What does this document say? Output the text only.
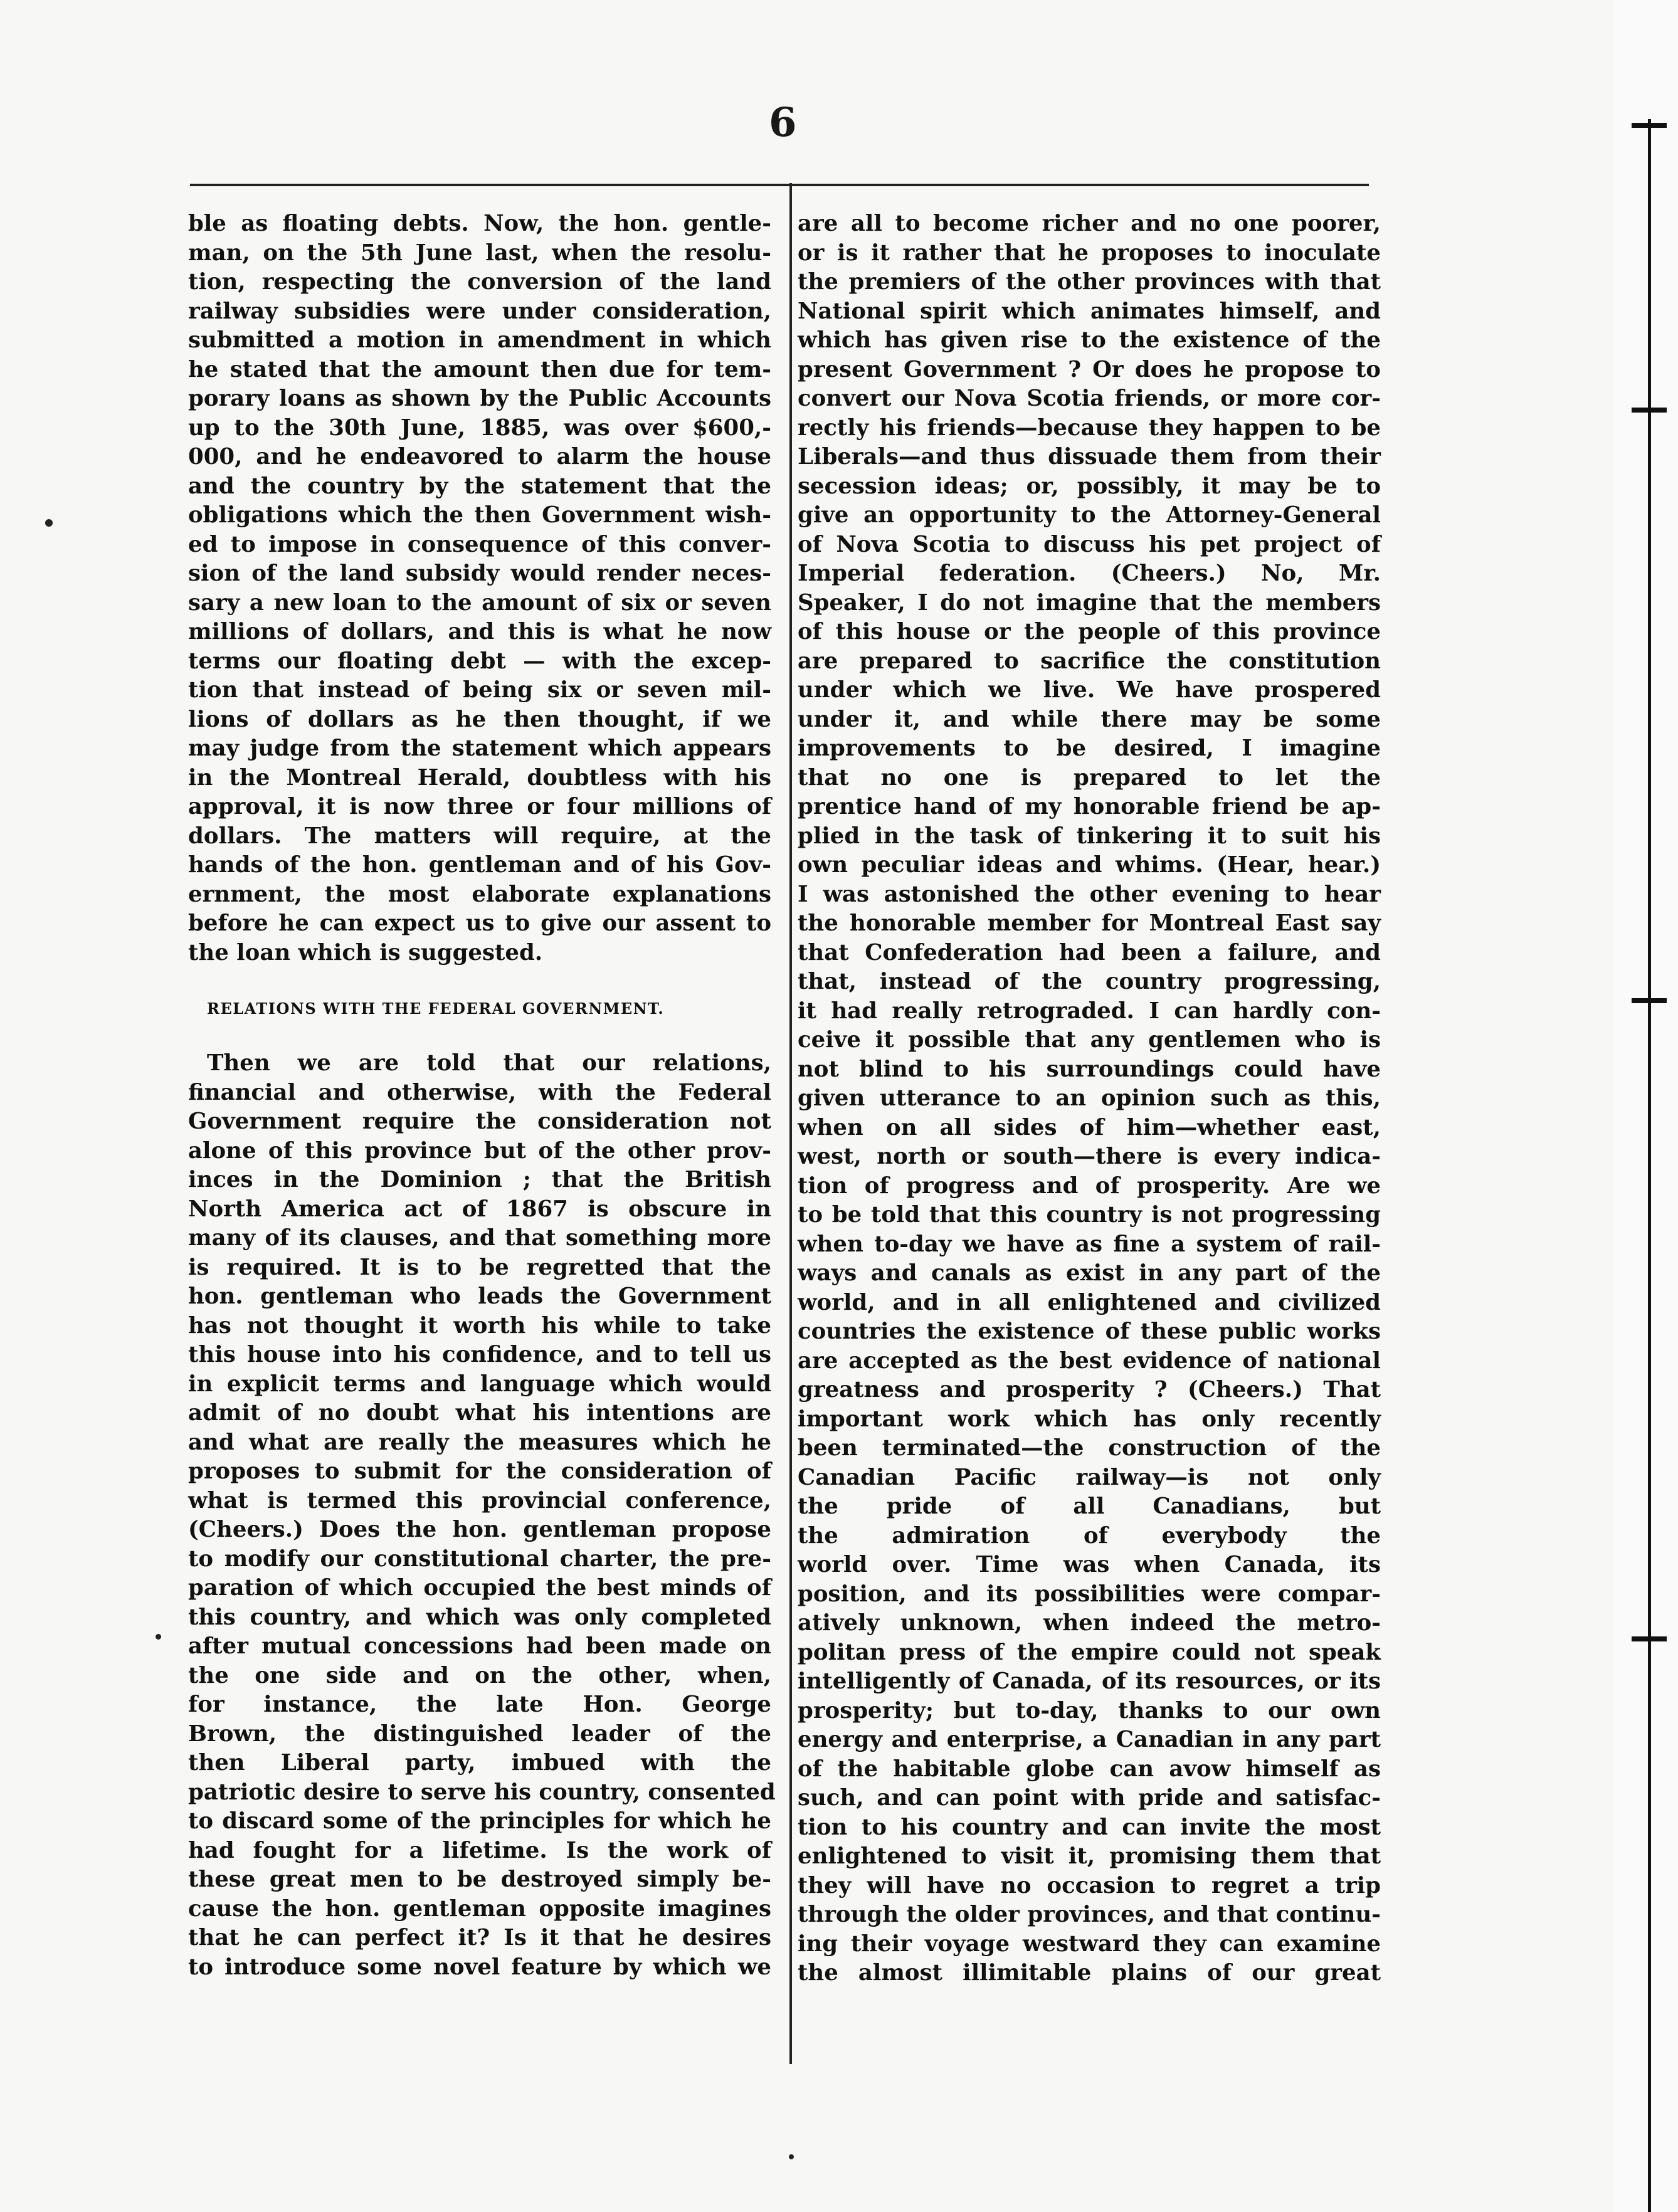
6
ble as floating debts. Now, the hon. gentle-
man, on the 5th June last, when the resolu-
tion, respecting the conversion of the land
railway subsidies were under consideration,
submitted a motion in amendment in which
he stated that the amount then due for tem-
porary loans as shown by the Public Accounts
up to the 30th June, 1885, was over $600,-
000, and he endeavored to alarm the house
and the country by the statement that the
obligations which the then Government wish-
ed to impose in consequence of this conver-
sion of the land subsidy would render neces-
sary a new loan to the amount of six or seven
millions of dollars, and this is what he now
terms our floating debt — with the excep-
tion that instead of being six or seven mil-
lions of dollars as he then thought, if we
may judge from the statement which appears
in the Montreal Herald, doubtless with his
approval, it is now three or four millions of
dollars. The matters will require, at the
hands of the hon. gentleman and of his Gov-
ernment, the most elaborate explanations
before he can expect us to give our assent to
the loan which is suggested.
RELATIONS WITH THE FEDERAL GOVERNMENT.
Then we are told that our relations,
financial and otherwise, with the Federal
Government require the consideration not
alone of this province but of the other prov-
inces in the Dominion ; that the British
North America act of 1867 is obscure in
many of its clauses, and that something more
is required. It is to be regretted that the
hon. gentleman who leads the Government
has not thought it worth his while to take
this house into his confidence, and to tell us
in explicit terms and language which would
admit of no doubt what his intentions are
and what are really the measures which he
proposes to submit for the consideration of
what is termed this provincial conference,
(Cheers.) Does the hon. gentleman propose
to modify our constitutional charter, the pre-
paration of which occupied the best minds of
this country, and which was only completed
after mutual concessions had been made on
the one side and on the other, when,
for instance, the late Hon. George
Brown, the distinguished leader of the
then Liberal party, imbued with the
patriotic desire to serve his country, consented
to discard some of the principles for which he
had fought for a lifetime. Is the work of
these great men to be destroyed simply be-
cause the hon. gentleman opposite imagines
that he can perfect it? Is it that he desires
to introduce some novel feature by which we
are all to become richer and no one poorer,
or is it rather that he proposes to inoculate
the premiers of the other provinces with that
National spirit which animates himself, and
which has given rise to the existence of the
present Government ? Or does he propose to
convert our Nova Scotia friends, or more cor-
rectly his friends—because they happen to be
Liberals—and thus dissuade them from their
secession ideas; or, possibly, it may be to
give an opportunity to the Attorney-General
of Nova Scotia to discuss his pet project of
Imperial federation. (Cheers.) No, Mr.
Speaker, I do not imagine that the members
of this house or the people of this province
are prepared to sacrifice the constitution
under which we live. We have prospered
under it, and while there may be some
improvements to be desired, I imagine
that no one is prepared to let the
prentice hand of my honorable friend be ap-
plied in the task of tinkering it to suit his
own peculiar ideas and whims. (Hear, hear.)
I was astonished the other evening to hear
the honorable member for Montreal East say
that Confederation had been a failure, and
that, instead of the country progressing,
it had really retrograded. I can hardly con-
ceive it possible that any gentlemen who is
not blind to his surroundings could have
given utterance to an opinion such as this,
when on all sides of him—whether east,
west, north or south—there is every indica-
tion of progress and of prosperity. Are we
to be told that this country is not progressing
when to-day we have as fine a system of rail-
ways and canals as exist in any part of the
world, and in all enlightened and civilized
countries the existence of these public works
are accepted as the best evidence of national
greatness and prosperity ? (Cheers.) That
important work which has only recently
been terminated—the construction of the
Canadian Pacific railway—is not only
the pride of all Canadians, but
the admiration of everybody the
world over. Time was when Canada, its
position, and its possibilities were compar-
atively unknown, when indeed the metro-
politan press of the empire could not speak
intelligently of Canada, of its resources, or its
prosperity; but to-day, thanks to our own
energy and enterprise, a Canadian in any part
of the habitable globe can avow himself as
such, and can point with pride and satisfac-
tion to his country and can invite the most
enlightened to visit it, promising them that
they will have no occasion to regret a trip
through the older provinces, and that continu-
ing their voyage westward they can examine
the almost illimitable plains of our great
